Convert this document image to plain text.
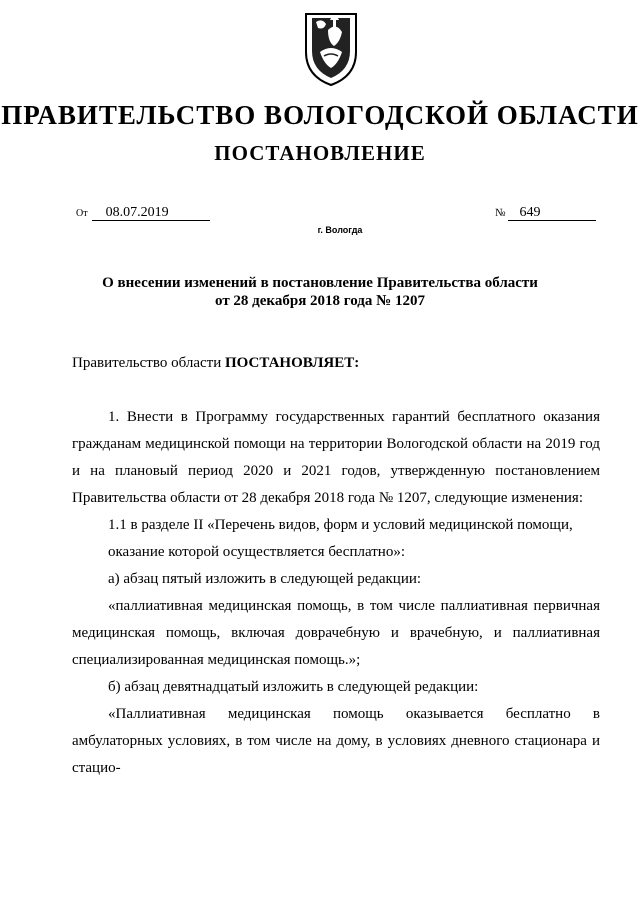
ПРАВИТЕЛЬСТВО ВОЛОГОДСКОЙ ОБЛАСТИ
ПОСТАНОВЛЕНИЕ
От 08.07.2019	№ 649
г. Вологда
О внесении изменений в постановление Правительства области
от 28 декабря 2018 года № 1207
Правительство области ПОСТАНОВЛЯЕТ:

1. Внести в Программу государственных гарантий бесплатного оказания гражданам медицинской помощи на территории Вологодской области на 2019 год и на плановый период 2020 и 2021 годов, утвержденную постановлением Правительства области от 28 декабря 2018 года № 1207, следующие изменения:

1.1 в разделе II «Перечень видов, форм и условий медицинской помощи,

оказание которой осуществляется бесплатно»:

а) абзац пятый изложить в следующей редакции:

«паллиативная медицинская помощь, в том числе паллиативная первичная медицинская помощь, включая доврачебную и врачебную, и паллиативная специализированная медицинская помощь.»;

б) абзац девятнадцатый изложить в следующей редакции:

«Паллиативная медицинская помощь оказывается бесплатно в амбулаторных условиях, в том числе на дому, в условиях дневного стационара и стацио-
